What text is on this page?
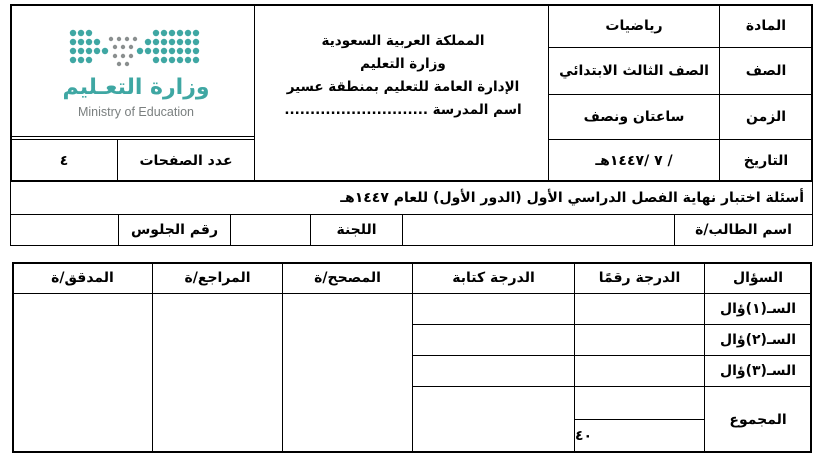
المادة
رياضيات
الصف
الصف الثالث الابتدائي
الزمن
ساعتان ونصف
التاريخ
/ ٧ /١٤٤٧هـ
المملكة العربية السعودية
وزارة التعليم
الإدارة العامة للتعليم بمنطقة عسير
اسم المدرسة ............................
وزارة التعـليم
Ministry of Education
عدد الصفحات
٤
أسئلة اختبار نهاية الفصل الدراسي الأول (الدور الأول) للعام ١٤٤٧هـ
اسم الطالب/ة
اللجنة
رقم الجلوس
السؤال
الدرجة رقمًا
الدرجة كتابة
المصحح/ة
المراجع/ة
المدقق/ة
السـ(١)ؤال
السـ(٢)ؤال
السـ(٣)ؤال
المجموع
٤٠
